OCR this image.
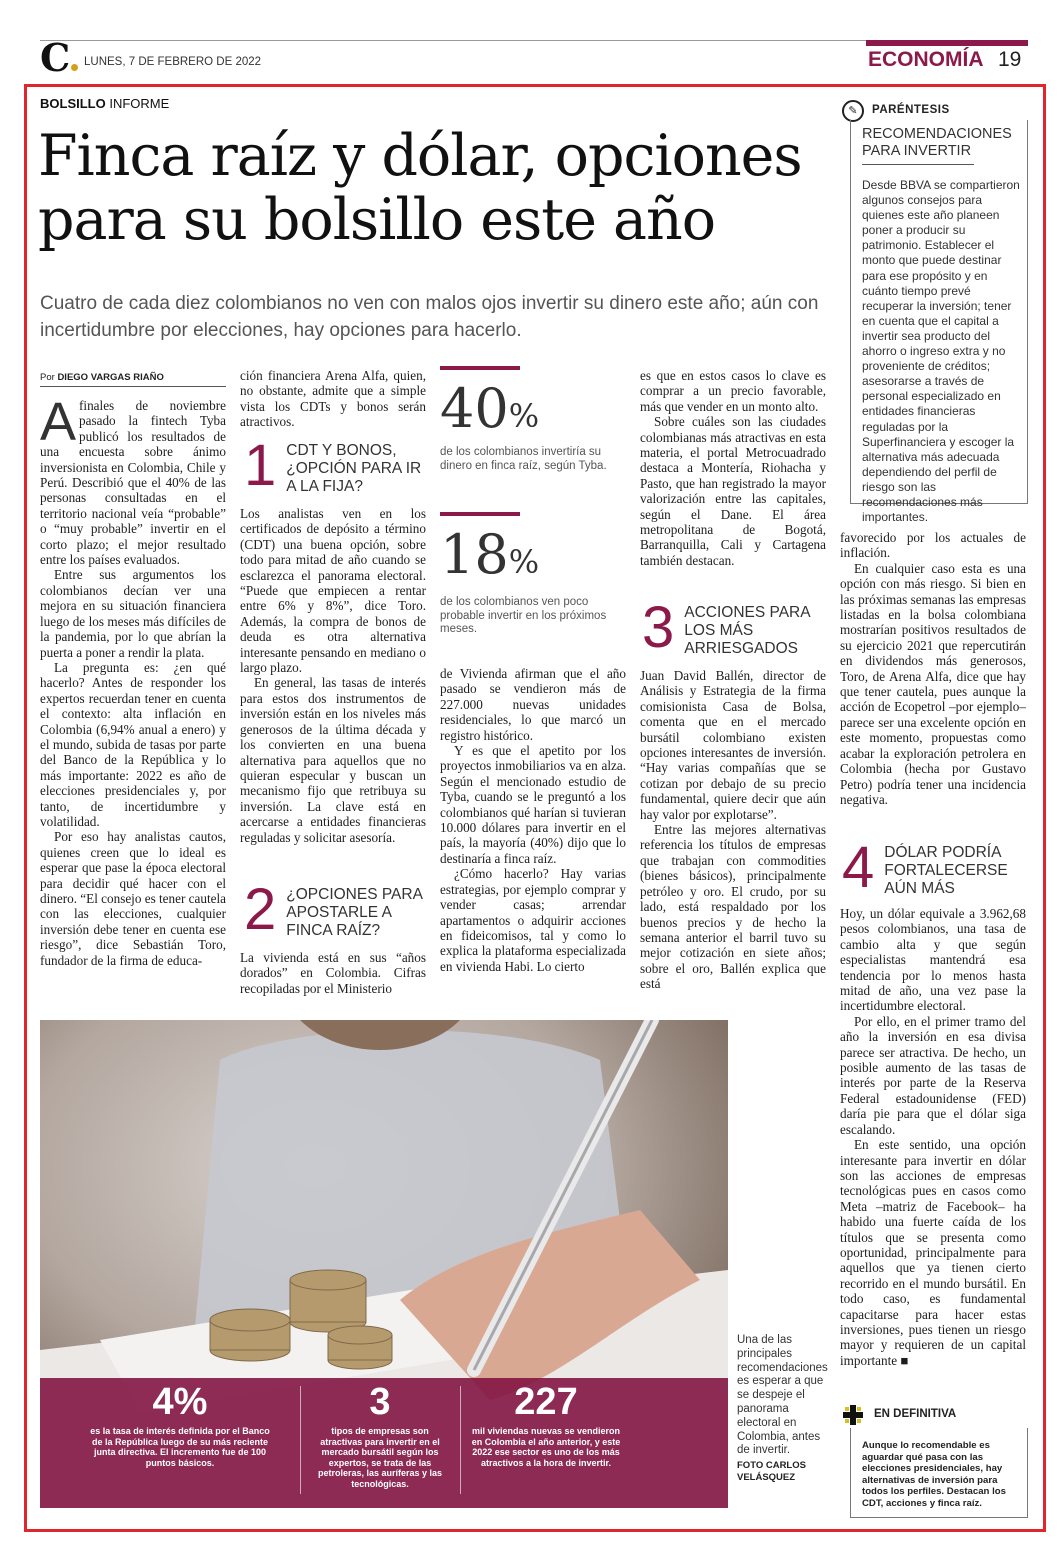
C	LUNES, 7 DE FEBRERO DE 2022	ECONOMÍA 19
BOLSILLO INFORME
Finca raíz y dólar, opciones para su bolsillo este año
Cuatro de cada diez colombianos no ven con malos ojos invertir su dinero este año; aún con incertidumbre por elecciones, hay opciones para hacerlo.
Por DIEGO VARGAS RIAÑO

Afinales de noviembre pasado la fintech Tyba publicó los resultados de una encuesta sobre ánimo inversionista en Colombia, Chile y Perú. Describió que el 40% de las personas consultadas en el territorio nacional veía “probable” o “muy probable” invertir en el corto plazo; el mejor resultado entre los países evaluados.

Entre sus argumentos los colombianos decían ver una mejora en su situación financiera luego de los meses más difíciles de la pandemia, por lo que abrían la puerta a poner a rendir la plata.

La pregunta es: ¿en qué hacerlo? Antes de responder los expertos recuerdan tener en cuenta el contexto: alta inflación en Colombia (6,94% anual a enero) y el mundo, subida de tasas por parte del Banco de la República y lo más importante: 2022 es año de elecciones presidenciales y, por tanto, de incertidumbre y volatilidad.

Por eso hay analistas cautos, quienes creen que lo ideal es esperar que pase la época electoral para decidir qué hacer con el dinero. “El consejo es tener cautela con las elecciones, cualquier inversión debe tener en cuenta ese riesgo”, dice Sebastián Toro, fundador de la firma de educa-

ción financiera Arena Alfa, quien, no obstante, admite que a simple vista los CDTs y bonos serán atractivos.

1 CDT Y BONOS, ¿OPCIÓN PARA IR A LA FIJA?

Los analistas ven en los certificados de depósito a término (CDT) una buena opción, sobre todo para mitad de año cuando se esclarezca el panorama electoral. “Puede que empiecen a rentar entre 6% y 8%”, dice Toro. Además, la compra de bonos de deuda es otra alternativa interesante pensando en mediano o largo plazo.

En general, las tasas de interés para estos dos instrumentos de inversión están en los niveles más generosos de la última década y los convierten en una buena alternativa para aquellos que no quieran especular y buscan un mecanismo fijo que retribuya su inversión. La clave está en acercarse a entidades financieras reguladas y solicitar asesoría.

2 ¿OPCIONES PARA APOSTARLE A FINCA RAÍZ?

La vivienda está en sus “años dorados” en Colombia. Cifras recopiladas por el Ministerio

40%
de los colombianos invertiría su dinero en finca raíz, según Tyba.
18%
de los colombianos ven poco probable invertir en los próximos meses.

de Vivienda afirman que el año pasado se vendieron más de 227.000 nuevas unidades residenciales, lo que marcó un registro histórico.

Y es que el apetito por los proyectos inmobiliarios va en alza. Según el mencionado estudio de Tyba, cuando se le preguntó a los colombianos qué harían si tuvieran 10.000 dólares para invertir en el país, la mayoría (40%) dijo que lo destinaría a finca raíz.

¿Cómo hacerlo? Hay varias estrategias, por ejemplo comprar y vender casas; arrendar apartamentos o adquirir acciones en fideicomisos, tal y como lo explica la plataforma especializada en vivienda Habi. Lo cierto

es que en estos casos lo clave es comprar a un precio favorable, más que vender en un monto alto.

Sobre cuáles son las ciudades colombianas más atractivas en esta materia, el portal Metrocuadrado destaca a Montería, Riohacha y Pasto, que han registrado la mayor valorización entre las capitales, según el Dane. El área metropolitana de Bogotá, Barranquilla, Cali y Cartagena también destacan.

3 ACCIONES PARA LOS MÁS ARRIESGADOS

Juan David Ballén, director de Análisis y Estrategia de la firma comisionista Casa de Bolsa, comenta que en el mercado bursátil colombiano existen opciones interesantes de inversión. “Hay varias compañías que se cotizan por debajo de su precio fundamental, quiere decir que aún hay valor por explotarse”.

Entre las mejores alternativas referencia los títulos de empresas que trabajan con commodities (bienes básicos), principalmente petróleo y oro. El crudo, por su lado, está respaldado por los buenos precios y de hecho la semana anterior el barril tuvo su mejor cotización en siete años; sobre el oro, Ballén explica que está

✎	PARÉNTESIS
RECOMENDACIONES PARA INVERTIR
Desde BBVA se compartieron algunos consejos para quienes este año planeen poner a producir su patrimonio. Establecer el monto que puede destinar para ese propósito y en cuánto tiempo prevé recuperar la inversión; tener en cuenta que el capital a invertir sea producto del ahorro o ingreso extra y no proveniente de créditos; asesorarse a través de personal especializado en entidades financieras reguladas por la Superfinanciera y escoger la alternativa más adecuada dependiendo del perfil de riesgo son las recomendaciones más importantes.

favorecido por los actuales de inflación.

En cualquier caso esta es una opción con más riesgo. Si bien en las próximas semanas las empresas listadas en la bolsa colombiana mostrarían positivos resultados de su ejercicio 2021 que repercutirán en dividendos más generosos, Toro, de Arena Alfa, dice que hay que tener cautela, pues aunque la acción de Ecopetrol –por ejemplo– parece ser una excelente opción en este momento, propuestas como acabar la exploración petrolera en Colombia (hecha por Gustavo Petro) podría tener una incidencia negativa.

4 DÓLAR PODRÍA FORTALECERSE AÚN MÁS

Hoy, un dólar equivale a 3.962,68 pesos colombianos, una tasa de cambio alta y que según especialistas mantendrá esa tendencia por lo menos hasta mitad de año, una vez pase la incertidumbre electoral.

Por ello, en el primer tramo del año la inversión en esa divisa parece ser atractiva. De hecho, un posible aumento de las tasas de interés por parte de la Reserva Federal estadounidense (FED) daría pie para que el dólar siga escalando.

En este sentido, una opción interesante para invertir en dólar son las acciones de empresas tecnológicas pues en casos como Meta –matriz de Facebook– ha habido una fuerte caída de los títulos que se presenta como oportunidad, principalmente para aquellos que ya tienen cierto recorrido en el mundo bursátil. En todo caso, es fundamental capacitarse para hacer estas inversiones, pues tienen un riesgo mayor y requieren de un capital importante ■

4%
es la tasa de interés definida por el Banco de la República luego de su más reciente junta directiva. El incremento fue de 100 puntos básicos.
3
tipos de empresas son atractivas para invertir en el mercado bursátil según los expertos, se trata de las petroleras, las auríferas y las tecnológicas.
227
mil viviendas nuevas se vendieron en Colombia el año anterior, y este 2022 ese sector es uno de los más atractivos a la hora de invertir.
Una de las principales recomendaciones es esperar a que se despeje el panorama electoral en Colombia, antes de invertir.
FOTO CARLOS VELÁSQUEZ
EN DEFINITIVA
Aunque lo recomendable es aguardar qué pasa con las elecciones presidenciales, hay alternativas de inversión para todos los perfiles. Destacan los CDT, acciones y finca raíz.
